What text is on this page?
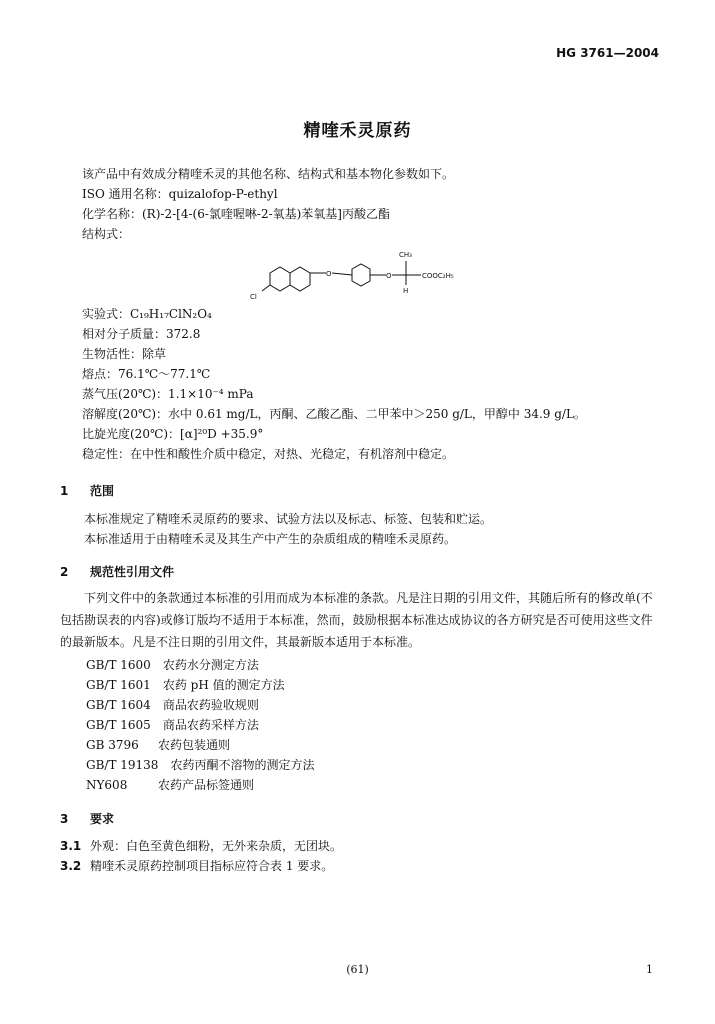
HG 3761—2004
精喹禾灵原药
该产品中有效成分精喹禾灵的其他名称、结构式和基本物化参数如下。
ISO 通用名称：quizalofop-P-ethyl
化学名称：(R)-2-[4-(6-氯喹喔啉-2-氧基)苯氧基]丙酸乙酯
结构式：
O	O
CH₃
COOC₂H₅
H
Cl
实验式：C₁₉H₁₇ClN₂O₄
相对分子质量：372.8
生物活性：除草
熔点：76.1℃～77.1℃
蒸气压(20℃)：1.1×10⁻⁴ mPa
溶解度(20℃)：水中 0.61 mg/L，丙酮、乙酸乙酯、二甲苯中＞250 g/L，甲醇中 34.9 g/L。
比旋光度(20℃)：[α]²⁰D +35.9°
稳定性：在中性和酸性介质中稳定，对热、光稳定，有机溶剂中稳定。
1 范围
本标准规定了精喹禾灵原药的要求、试验方法以及标志、标签、包装和贮运。
本标准适用于由精喹禾灵及其生产中产生的杂质组成的精喹禾灵原药。
2 规范性引用文件
下列文件中的条款通过本标准的引用而成为本标准的条款。凡是注日期的引用文件，其随后所有的修改单(不包括勘误表的内容)或修订版均不适用于本标准，然而，鼓励根据本标准达成协议的各方研究是否可使用这些文件的最新版本。凡是不注日期的引用文件，其最新版本适用于本标准。
GB/T 1600　 农药水分测定方法
GB/T 1601　 农药 pH 值的测定方法
GB/T 1604　 商品农药验收规则
GB/T 1605　 商品农药采样方法
GB 3796　 农药包装通则
GB/T 19138　 农药丙酮不溶物的测定方法
NY608　	农药产品标签通则
3 要求
3.1 外观：白色至黄色细粉，无外来杂质，无团块。
3.2 精喹禾灵原药控制项目指标应符合表 1 要求。
(61)	1
